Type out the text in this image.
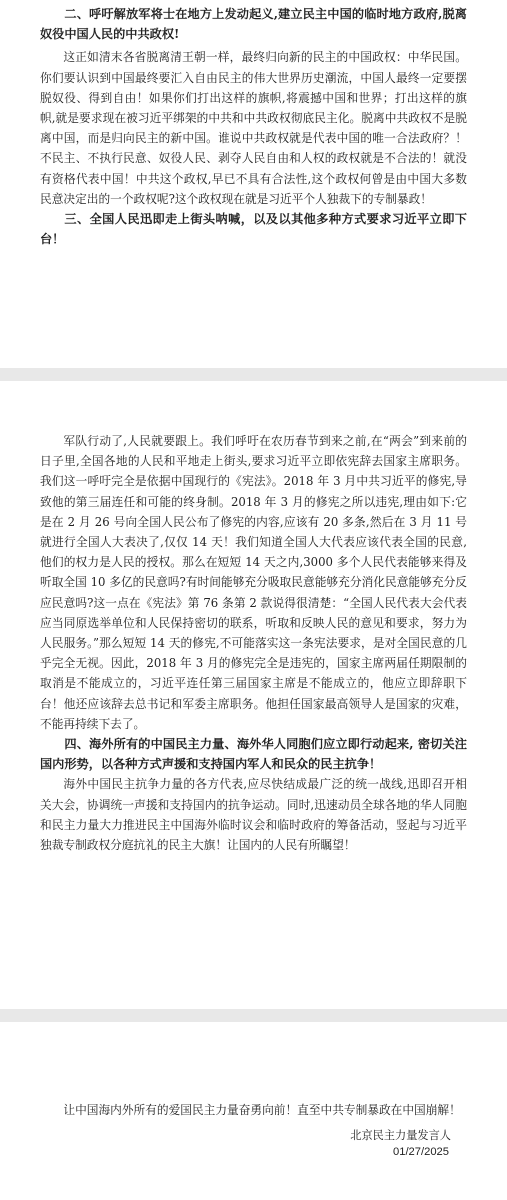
二、呼吁解放军将士在地方上发动起义,建立民主中国的临时地方政府,脱离奴役中国人民的中共政权!

这正如清末各省脱离清王朝一样，最终归向新的民主的中国政权：中华民国。你们要认识到中国最终要汇入自由民主的伟大世界历史潮流，中国人最终一定要摆脱奴役、得到自由！如果你们打出这样的旗帜,将震撼中国和世界；打出这样的旗帜,就是要求现在被习近平绑架的中共和中共政权彻底民主化。脱离中共政权不是脱离中国，而是归向民主的新中国。谁说中共政权就是代表中国的唯一合法政府？！不民主、不执行民意、奴役人民、剥夺人民自由和人权的政权就是不合法的！就没有资格代表中国！中共这个政权,早已不具有合法性,这个政权何曾是由中国大多数民意决定出的一个政权呢?这个政权现在就是习近平个人独裁下的专制暴政！

三、全国人民迅即走上街头呐喊，以及以其他多种方式要求习近平立即下台！

军队行动了,人民就要跟上。我们呼吁在农历春节到来之前,在“两会”到来前的日子里,全国各地的人民和平地走上街头,要求习近平立即依宪辞去国家主席职务。我们这一呼吁完全是依据中国现行的《宪法》。2018 年 3 月中共习近平的修宪,导致他的第三届连任和可能的终身制。2018 年 3 月的修宪之所以违宪,理由如下:它是在 2 月 26 号向全国人民公布了修宪的内容,应该有 20 多条,然后在 3 月 11 号就进行全国人大表决了,仅仅 14 天！我们知道全国人大代表应该代表全国的民意,他们的权力是人民的授权。那么在短短 14 天之内,3000 多个人民代表能够来得及听取全国 10 多亿的民意吗?有时间能够充分吸取民意能够充分消化民意能够充分反应民意吗?这一点在《宪法》第 76 条第 2 款说得很清楚：“全国人民代表大会代表应当同原选举单位和人民保持密切的联系，听取和反映人民的意见和要求，努力为人民服务。”那么短短 14 天的修宪,不可能落实这一条宪法要求，是对全国民意的几乎完全无视。因此，2018 年 3 月的修宪完全是违宪的，国家主席两届任期限制的取消是不能成立的，习近平连任第三届国家主席是不能成立的，他应立即辞职下台！他还应该辞去总书记和军委主席职务。他担任国家最高领导人是国家的灾难，不能再持续下去了。

四、海外所有的中国民主力量、海外华人同胞们应立即行动起来, 密切关注国内形势，以各种方式声援和支持国内军人和民众的民主抗争！

海外中国民主抗争力量的各方代表,应尽快结成最广泛的统一战线,迅即召开相关大会，协调统一声援和支持国内的抗争运动。同时,迅速动员全球各地的华人同胞和民主力量大力推进民主中国海外临时议会和临时政府的筹备活动，竖起与习近平独裁专制政权分庭抗礼的民主大旗！让国内的人民有所瞩望！

让中国海内外所有的爱国民主力量奋勇向前！直至中共专制暴政在中国崩解！

北京民主力量发言人

01/27/2025
